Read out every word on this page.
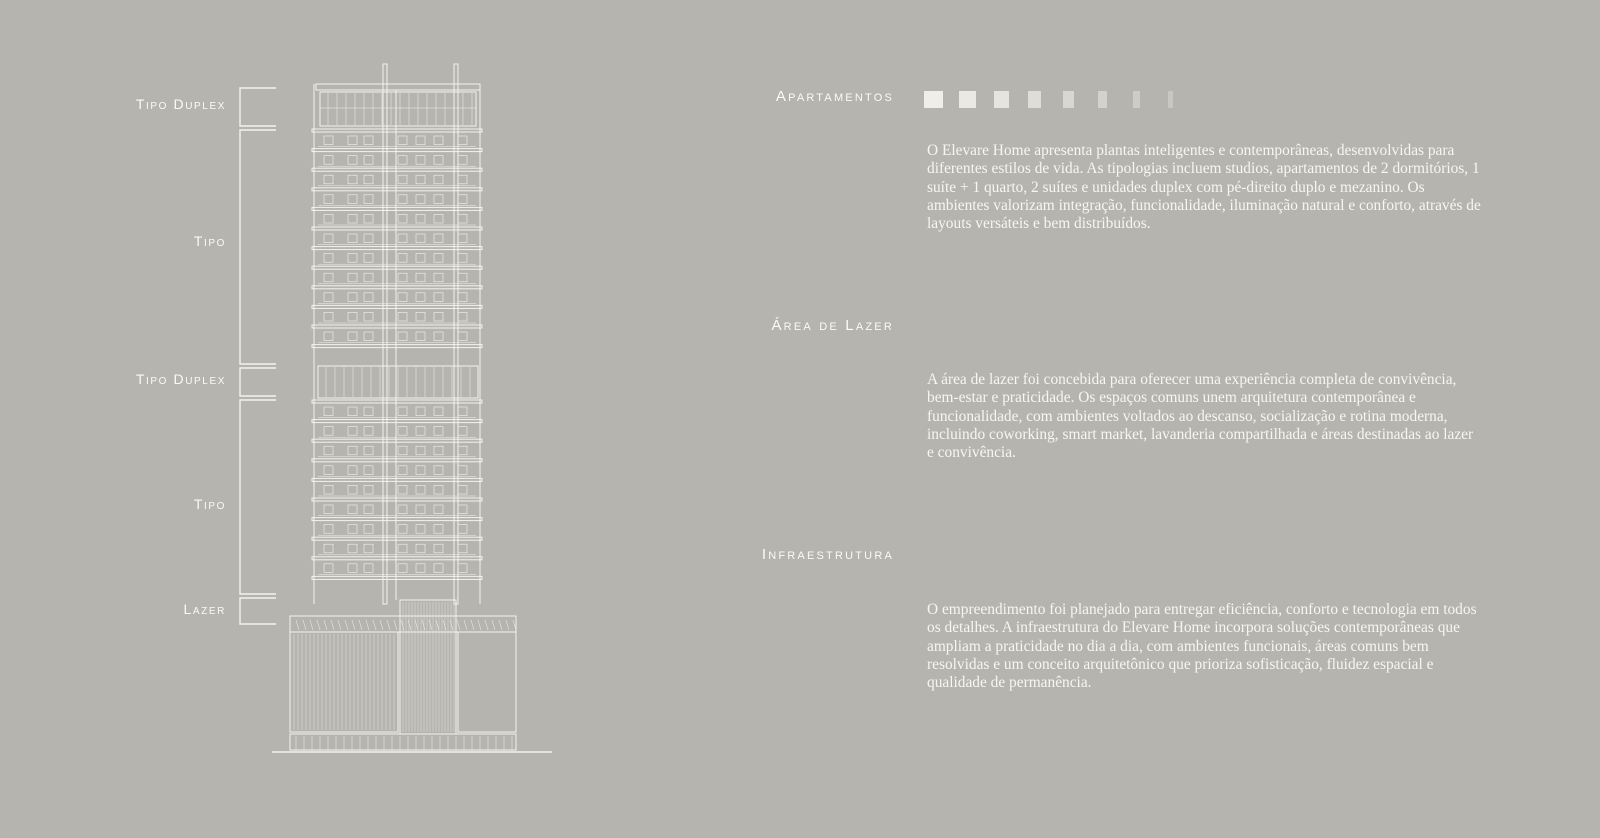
Tipo Duplex
Tipo
Tipo Duplex
Tipo
Lazer
Apartamentos

O Elevare Home apresenta plantas inteligentes e contemporâneas, desenvolvidas para diferentes estilos de vida. As tipologias incluem studios, apartamentos de 2 dormitórios, 1 suíte + 1 quarto, 2 suítes e unidades duplex com pé-direito duplo e mezanino. Os ambientes valorizam integração, funcionalidade, iluminação natural e conforto, através de layouts versáteis e bem distribuídos.

Área de Lazer

A área de lazer foi concebida para oferecer uma experiência completa de convivência, bem-estar e praticidade. Os espaços comuns unem arquitetura contemporânea e funcionalidade, com ambientes voltados ao descanso, socialização e rotina moderna, incluindo coworking, smart market, lavanderia compartilhada e áreas destinadas ao lazer e convivência.

Infraestrutura

O empreendimento foi planejado para entregar eficiência, conforto e tecnologia em todos os detalhes. A infraestrutura do Elevare Home incorpora soluções contemporâneas que ampliam a praticidade no dia a dia, com ambientes funcionais, áreas comuns bem resolvidas e um conceito arquitetônico que prioriza sofisticação, fluidez espacial e qualidade de permanência.
